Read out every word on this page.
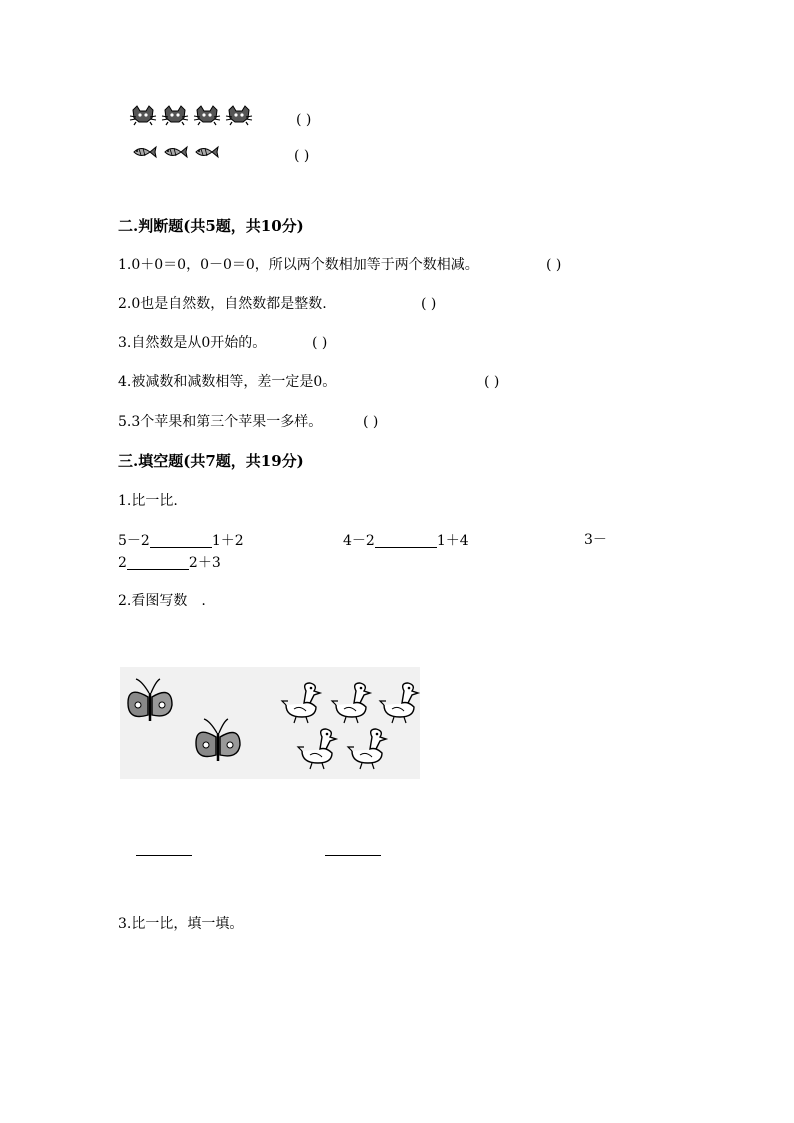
( )
( )
二.判断题(共5题，共10分)
1.0＋0＝0，0－0＝0，所以两个数相加等于两个数相减。	( )
2.0也是自然数，自然数都是整数.	( )
3.自然数是从0开始的。	( )
4.被减数和减数相等，差一定是0。	( )
5.3个苹果和第三个苹果一多样。	( )
三.填空题(共7题，共19分)
1.比一比.
5－2	1＋2	4－2	1＋4	3－
2	2＋3
2.看图写数　.
3.比一比，填一填。
